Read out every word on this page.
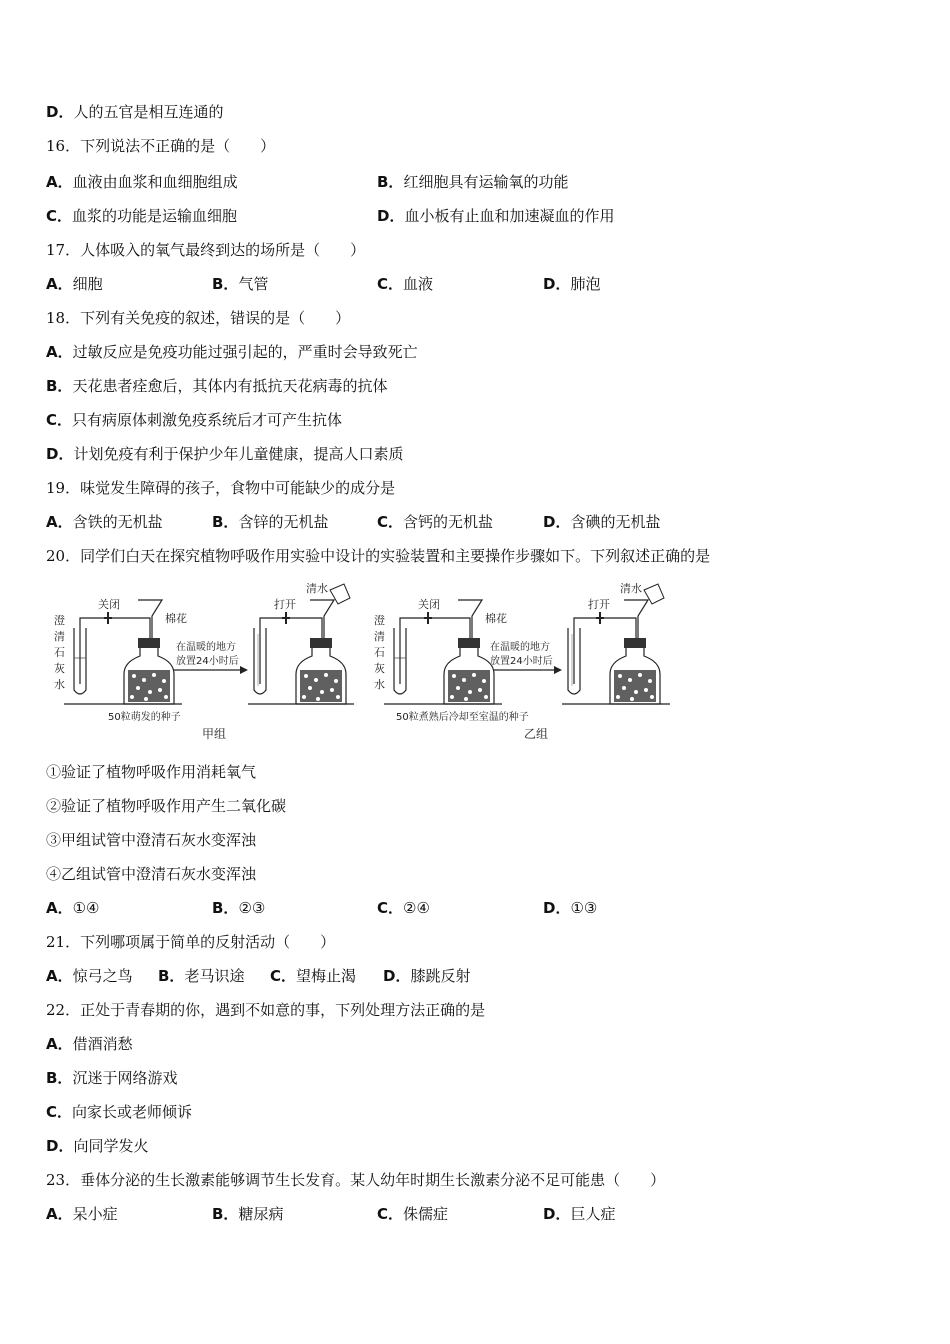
D．人的五官是相互连通的
16．下列说法不正确的是（　　）
A．血液由血浆和血细胞组成	B．红细胞具有运输氧的功能
C．血浆的功能是运输血细胞	D．血小板有止血和加速凝血的作用
17．人体吸入的氧气最终到达的场所是（　　）
A．细胞	B．气管	C．血液	D．肺泡
18．下列有关免疫的叙述，错误的是（　　）
A．过敏反应是免疫功能过强引起的，严重时会导致死亡
B．天花患者痊愈后，其体内有抵抗天花病毒的抗体
C．只有病原体刺激免疫系统后才可产生抗体
D．计划免疫有利于保护少年儿童健康，提高人口素质
19．味觉发生障碍的孩子，食物中可能缺少的成分是
A．含铁的无机盐	B．含锌的无机盐	C．含钙的无机盐	D．含碘的无机盐
20．同学们白天在探究植物呼吸作用实验中设计的实验装置和主要操作步骤如下。下列叙述正确的是
澄
清
石
灰
水
关闭
棉花
50粒萌发的种子
在温暖的地方
放置24小时后
打开
清水
甲组
澄
清
石
灰
水
关闭
棉花
50粒煮熟后冷却至室温的种子
在温暖的地方
放置24小时后
打开
清水
乙组
①验证了植物呼吸作用消耗氧气
②验证了植物呼吸作用产生二氧化碳
③甲组试管中澄清石灰水变浑浊
④乙组试管中澄清石灰水变浑浊
A．①④	B．②③	C．②④	D．①③
21．下列哪项属于简单的反射活动（　　）
A．惊弓之鸟 B．老马识途 C．望梅止渴 D．膝跳反射
22．正处于青春期的你，遇到不如意的事，下列处理方法正确的是
A．借酒消愁
B．沉迷于网络游戏
C．向家长或老师倾诉
D．向同学发火
23．垂体分泌的生长激素能够调节生长发育。某人幼年时期生长激素分泌不足可能患（　　）
A．呆小症	B．糖尿病	C．侏儒症	D．巨人症
